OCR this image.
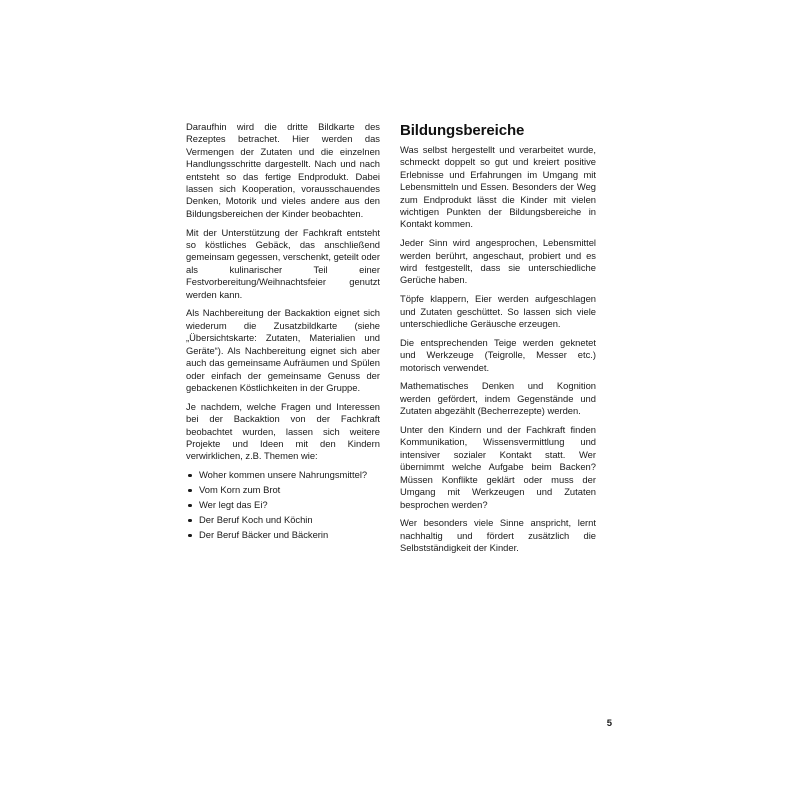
Daraufhin wird die dritte Bildkarte des Rezeptes betrachet. Hier werden das Vermengen der Zutaten und die einzelnen Handlungsschritte dargestellt. Nach und nach entsteht so das fertige Endprodukt. Dabei lassen sich Kooperation, vorausschauendes Denken, Motorik und vieles andere aus den Bildungsbereichen der Kinder beobachten.

Mit der Unterstützung der Fachkraft entsteht so köstliches Gebäck, das anschließend gemeinsam gegessen, verschenkt, geteilt oder als kulinarischer Teil einer Festvorbereitung/Weihnachtsfeier genutzt werden kann.

Als Nachbereitung der Backaktion eignet sich wiederum die Zusatzbildkarte (siehe „Übersichtskarte: Zutaten, Materialien und Geräte“). Als Nachbereitung eignet sich aber auch das gemeinsame Aufräumen und Spülen oder einfach der gemeinsame Genuss der gebackenen Köstlichkeiten in der Gruppe.

Je nachdem, welche Fragen und Interessen bei der Backaktion von der Fachkraft beobachtet wurden, lassen sich weitere Projekte und Ideen mit den Kindern verwirklichen, z.B. Themen wie:

Woher kommen unsere Nahrungsmittel?
Vom Korn zum Brot
Wer legt das Ei?
Der Beruf Koch und Köchin
Der Beruf Bäcker und Bäckerin
Bildungsbereiche

Was selbst hergestellt und verarbeitet wurde, schmeckt doppelt so gut und kreiert positive Erlebnisse und Erfahrungen im Umgang mit Lebensmitteln und Essen. Besonders der Weg zum Endprodukt lässt die Kinder mit vielen wichtigen Punkten der Bildungsbereiche in Kontakt kommen.

Jeder Sinn wird angesprochen, Lebensmittel werden berührt, angeschaut, probiert und es wird festgestellt, dass sie unterschiedliche Gerüche haben.

Töpfe klappern, Eier werden aufgeschlagen und Zutaten geschüttet. So lassen sich viele unterschiedliche Geräusche erzeugen.

Die entsprechenden Teige werden geknetet und Werkzeuge (Teigrolle, Messer etc.) motorisch verwendet.

Mathematisches Denken und Kognition werden gefördert, indem Gegenstände und Zutaten abgezählt (Becherrezepte) werden.

Unter den Kindern und der Fachkraft finden Kommunikation, Wissensvermittlung und intensiver sozialer Kontakt statt. Wer übernimmt welche Aufgabe beim Backen? Müssen Konflikte geklärt oder muss der Umgang mit Werkzeugen und Zutaten besprochen werden?

Wer besonders viele Sinne anspricht, lernt nachhaltig und fördert zusätzlich die Selbstständigkeit der Kinder.

5
